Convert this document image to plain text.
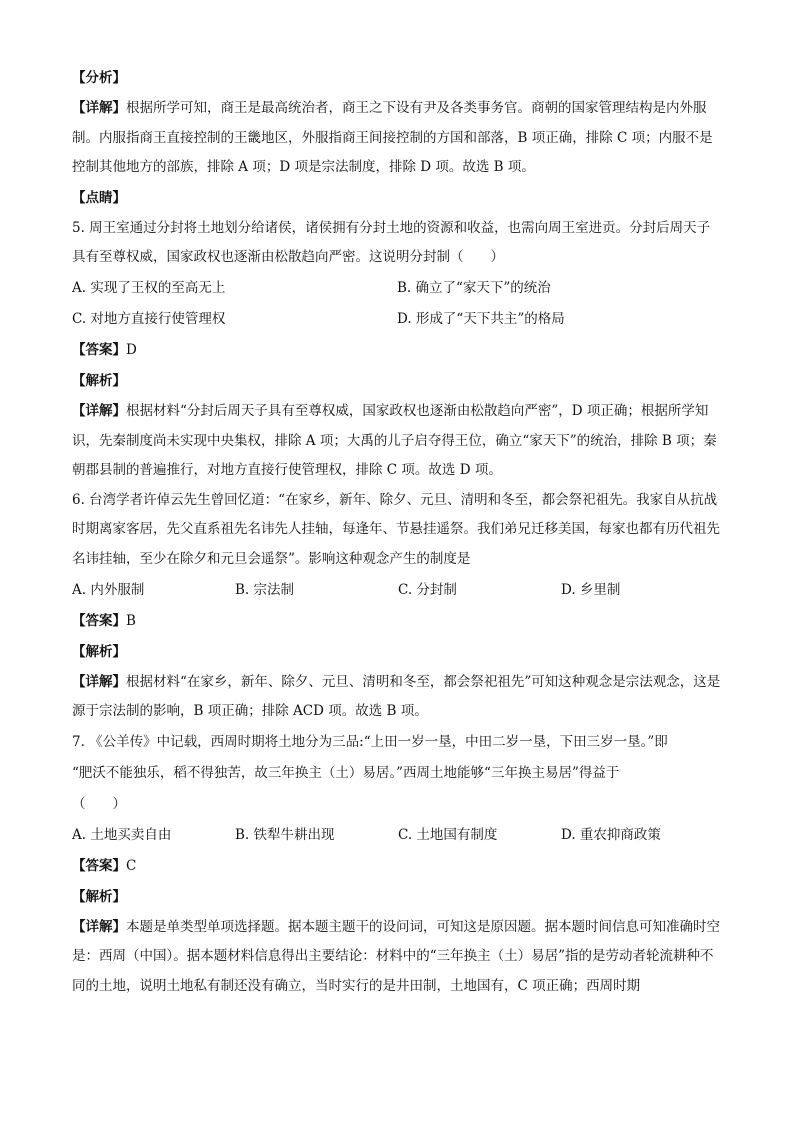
【分析】
【详解】根据所学可知，商王是最高统治者，商王之下设有尹及各类事务官。商朝的国家管理结构是内外服制。内服指商王直接控制的王畿地区，外服指商王间接控制的方国和部落，B 项正确，排除 C 项；内服不是控制其他地方的部族，排除 A 项；D 项是宗法制度，排除 D 项。故选 B 项。
【点睛】
5. 周王室通过分封将土地划分给诸侯，诸侯拥有分封土地的资源和收益，也需向周王室进贡。分封后周天子具有至尊权威，国家政权也逐渐由松散趋向严密。这说明分封制（　　）
A. 实现了王权的至高无上	B. 确立了“家天下”的统治
C. 对地方直接行使管理权	D. 形成了“天下共主”的格局
【答案】D
【解析】
【详解】根据材料“分封后周天子具有至尊权威，国家政权也逐渐由松散趋向严密”，D 项正确；根据所学知识，先秦制度尚未实现中央集权，排除 A 项；大禹的儿子启夺得王位，确立“家天下”的统治，排除 B 项；秦朝郡县制的普遍推行，对地方直接行使管理权，排除 C 项。故选 D 项。
6. 台湾学者许倬云先生曾回忆道：“在家乡，新年、除夕、元旦、清明和冬至，都会祭祀祖先。我家自从抗战时期离家客居，先父直系祖先名讳先人挂轴，每逢年、节悬挂遥祭。我们弟兄迁移美国，每家也都有历代祖先名讳挂轴，至少在除夕和元旦会遥祭”。影响这种观念产生的制度是
A. 内外服制	B. 宗法制	C. 分封制	D. 乡里制
【答案】B
【解析】
【详解】根据材料“在家乡，新年、除夕、元旦、清明和冬至，都会祭祀祖先”可知这种观念是宗法观念，这是源于宗法制的影响，B 项正确；排除 ACD 项。故选 B 项。
7. 《公羊传》中记载，西周时期将土地分为三品:“上田一岁一垦，中田二岁一垦，下田三岁一垦。”即
“肥沃不能独乐，稻不得独苦，故三年换主（土）易居。”西周土地能够“三年换主易居”得益于
（　　）
A. 土地买卖自由	B. 铁犁牛耕出现	C. 土地国有制度	D. 重农抑商政策
【答案】C
【解析】
【详解】本题是单类型单项选择题。据本题主题干的设问词，可知这是原因题。据本题时间信息可知准确时空是：西周（中国）。据本题材料信息得出主要结论：材料中的“三年换主（土）易居”指的是劳动者轮流耕种不同的土地，说明土地私有制还没有确立，当时实行的是井田制，土地国有，C 项正确；西周时期
